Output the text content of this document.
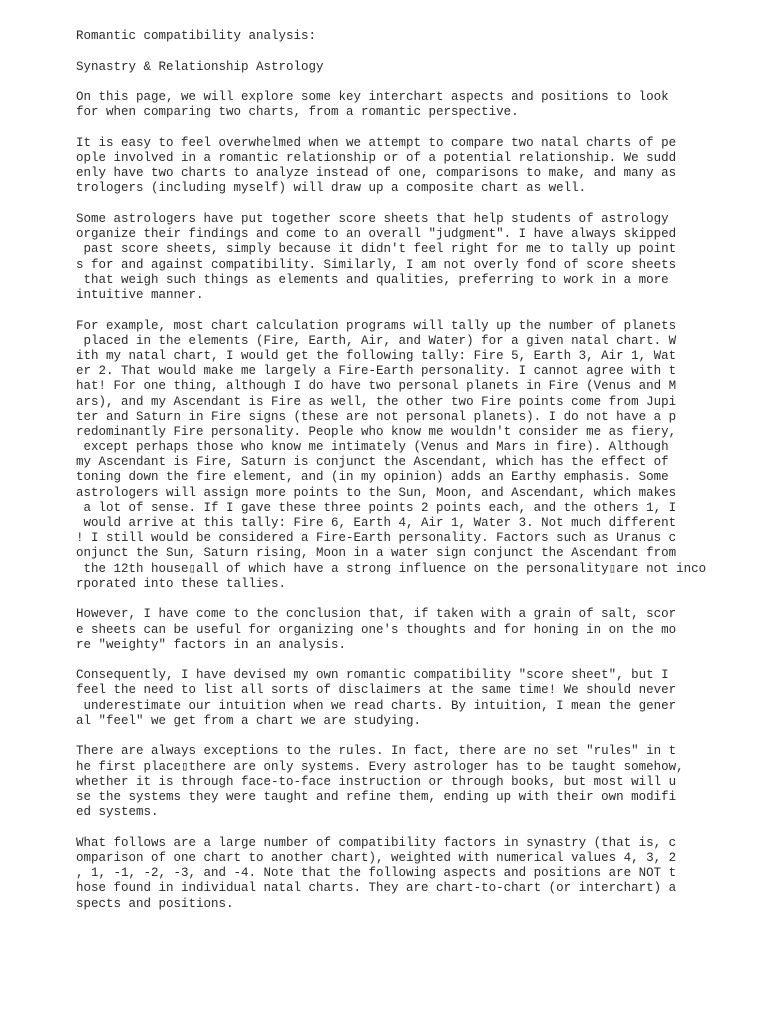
Romantic compatibility analysis:
Synastry & Relationship Astrology
On this page, we will explore some key interchart aspects and positions to look
for when comparing two charts, from a romantic perspective.
It is easy to feel overwhelmed when we attempt to compare two natal charts of pe
ople involved in a romantic relationship or of a potential relationship. We sudd
enly have two charts to analyze instead of one, comparisons to make, and many as
trologers (including myself) will draw up a composite chart as well.
Some astrologers have put together score sheets that help students of astrology
organize their findings and come to an overall "judgment". I have always skipped
past score sheets, simply because it didn't feel right for me to tally up point
s for and against compatibility. Similarly, I am not overly fond of score sheets
that weigh such things as elements and qualities, preferring to work in a more
intuitive manner.
For example, most chart calculation programs will tally up the number of planets
placed in the elements (Fire, Earth, Air, and Water) for a given natal chart. W
ith my natal chart, I would get the following tally: Fire 5, Earth 3, Air 1, Wat
er 2. That would make me largely a Fire-Earth personality. I cannot agree with t
hat! For one thing, although I do have two personal planets in Fire (Venus and M
ars), and my Ascendant is Fire as well, the other two Fire points come from Jupi
ter and Saturn in Fire signs (these are not personal planets). I do not have a p
redominantly Fire personality. People who know me wouldn't consider me as fiery,
except perhaps those who know me intimately (Venus and Mars in fire). Although
my Ascendant is Fire, Saturn is conjunct the Ascendant, which has the effect of
toning down the fire element, and (in my opinion) adds an Earthy emphasis. Some
astrologers will assign more points to the Sun, Moon, and Ascendant, which makes
a lot of sense. If I gave these three points 2 points each, and the others 1, I
would arrive at this tally: Fire 6, Earth 4, Air 1, Water 3. Not much different
! I still would be considered a Fire-Earth personality. Factors such as Uranus c
onjunct the Sun, Saturn rising, Moon in a water sign conjunct the Ascendant from
the 12th house▯all of which have a strong influence on the personality▯are not inco
rporated into these tallies.
However, I have come to the conclusion that, if taken with a grain of salt, scor
e sheets can be useful for organizing one's thoughts and for honing in on the mo
re "weighty" factors in an analysis.
Consequently, I have devised my own romantic compatibility "score sheet", but I
feel the need to list all sorts of disclaimers at the same time! We should never
underestimate our intuition when we read charts. By intuition, I mean the gener
al "feel" we get from a chart we are studying.
There are always exceptions to the rules. In fact, there are no set "rules" in t
he first place▯there are only systems. Every astrologer has to be taught somehow,
whether it is through face-to-face instruction or through books, but most will u
se the systems they were taught and refine them, ending up with their own modifi
ed systems.
What follows are a large number of compatibility factors in synastry (that is, c
omparison of one chart to another chart), weighted with numerical values 4, 3, 2
, 1, -1, -2, -3, and -4. Note that the following aspects and positions are NOT t
hose found in individual natal charts. They are chart-to-chart (or interchart) a
spects and positions.
